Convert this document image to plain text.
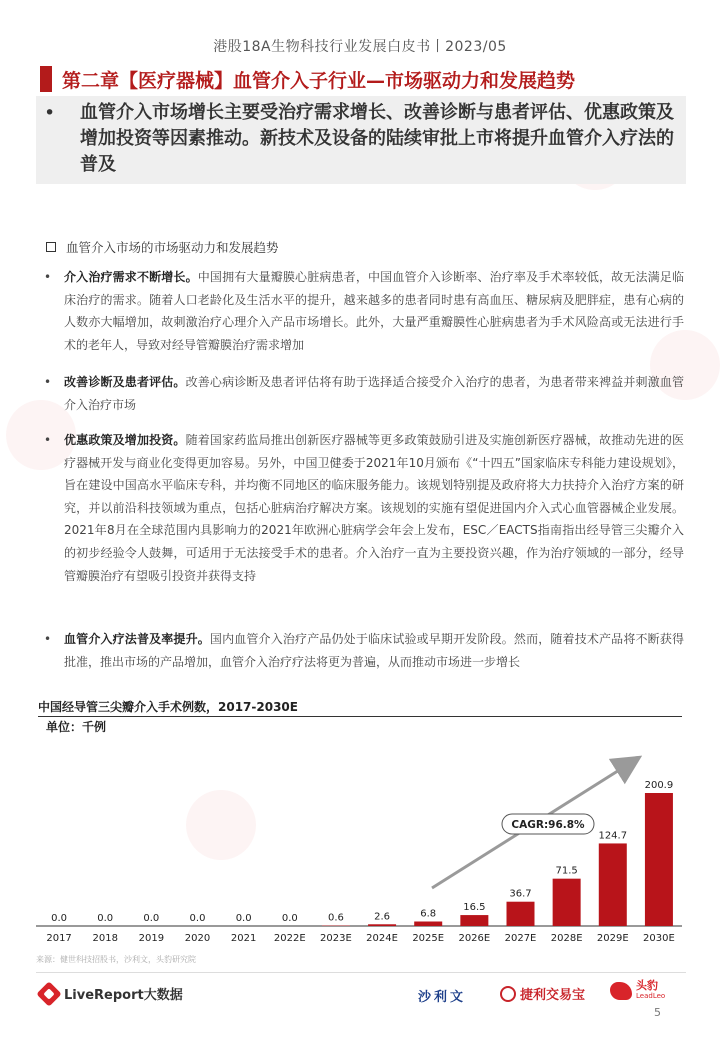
港股18A生物科技行业发展白皮书丨2023/05
第二章【医疗器械】血管介入子行业—市场驱动力和发展趋势
• 血管介入市场增长主要受治疗需求增长、改善诊断与患者评估、优惠政策及增加投资等因素推动。新技术及设备的陆续审批上市将提升血管介入疗法的普及
血管介入市场的市场驱动力和发展趋势
• 介入治疗需求不断增长。中国拥有大量瓣膜心脏病患者，中国血管介入诊断率、治疗率及手术率较低，故无法满足临床治疗的需求。随着人口老龄化及生活水平的提升，越来越多的患者同时患有高血压、糖尿病及肥胖症，患有心病的人数亦大幅增加，故刺激治疗心理介入产品市场增长。此外，大量严重瓣膜性心脏病患者为手术风险高或无法进行手术的老年人，导致对经导管瓣膜治疗需求增加
• 改善诊断及患者评估。改善心病诊断及患者评估将有助于选择适合接受介入治疗的患者，为患者带来裨益并刺激血管介入治疗市场
• 优惠政策及增加投资。随着国家药监局推出创新医疗器械等更多政策鼓励引进及实施创新医疗器械，故推动先进的医疗器械开发与商业化变得更加容易。另外，中国卫健委于2021年10月颁布《“十四五”国家临床专科能力建设规划》，旨在建设中国高水平临床专科，并均衡不同地区的临床服务能力。该规划特别提及政府将大力扶持介入治疗方案的研究，并以前沿科技领域为重点，包括心脏病治疗解决方案。该规划的实施有望促进国内介入式心血管器械企业发展。2021年8月在全球范围内具影响力的2021年欧洲心脏病学会年会上发布，ESC／EACTS指南指出经导管三尖瓣介入的初步经验令人鼓舞，可适用于无法接受手术的患者。介入治疗一直为主要投资兴趣，作为治疗领域的一部分，经导管瓣膜治疗有望吸引投资并获得支持
• 血管介入疗法普及率提升。国内血管介入治疗产品仍处于临床试验或早期开发阶段。然而，随着技术产品将不断获得批准，推出市场的产品增加，血管介入治疗疗法将更为普遍，从而推动市场进一步增长
中国经导管三尖瓣介入手术例数，2017-2030E
单位：千例
0.0
2017
0.0
2018
0.0
2019
0.0
2020
0.0
2021
0.0
2022E
0.6
2023E
2.6
2024E
6.8
2025E
16.5
2026E
36.7
2027E
71.5
2028E
124.7
2029E
200.9
2030E
CAGR:96.8%
来源：健世科技招股书，沙利文，头豹研究院
LiveReport大数据	沙利文	捷利交易宝
头豹
LeadLeo
5
